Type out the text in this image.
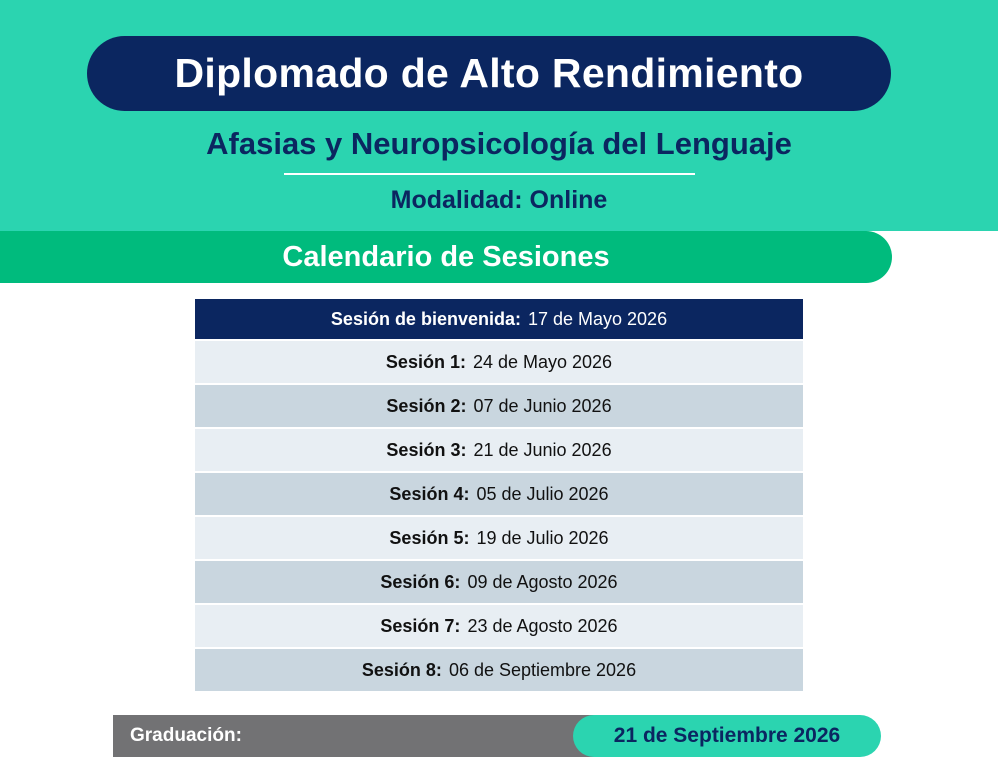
Diplomado de Alto Rendimiento
Afasias y Neuropsicología del Lenguaje
Modalidad: Online
Calendario de Sesiones
Sesión de bienvenida: 17 de Mayo 2026
Sesión 1: 24 de Mayo 2026
Sesión 2: 07 de Junio 2026
Sesión 3: 21 de Junio 2026
Sesión 4: 05 de Julio 2026
Sesión 5: 19 de Julio 2026
Sesión 6: 09 de Agosto 2026
Sesión 7: 23 de Agosto 2026
Sesión 8: 06 de Septiembre 2026
Graduación:	21 de Septiembre 2026
